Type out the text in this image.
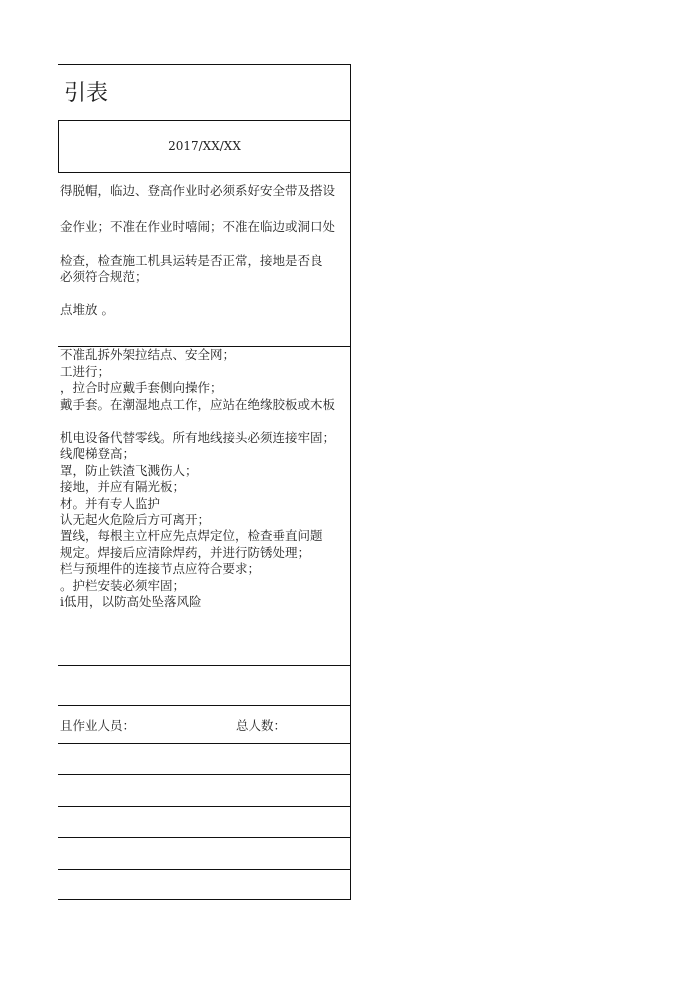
引表
2017/XX/XX
得脱帽，临边、登高作业时必须系好安全带及搭设
金作业；不准在作业时嘻闹；不准在临边或洞口处
检查，检查施工机具运转是否正常，接地是否良
必须符合规范；
点堆放 。
不准乱拆外架拉结点、安全网；
工进行；
，拉合时应戴手套侧向操作；
戴手套。在潮湿地点工作，应站在绝缘胶板或木板
机电设备代替零线。所有地线接头必须连接牢固；
线爬梯登高；
罩，防止铁渣飞溅伤人；
接地，并应有隔光板；
材。并有专人监护
认无起火危险后方可离开；
置线，每根主立杆应先点焊定位，检查垂直问题
规定。焊接后应清除焊药，并进行防锈处理；
栏与预埋件的连接节点应符合要求；
。护栏安装必须牢固；
i低用，以防高处坠落风险
且作业人员：	总人数：
